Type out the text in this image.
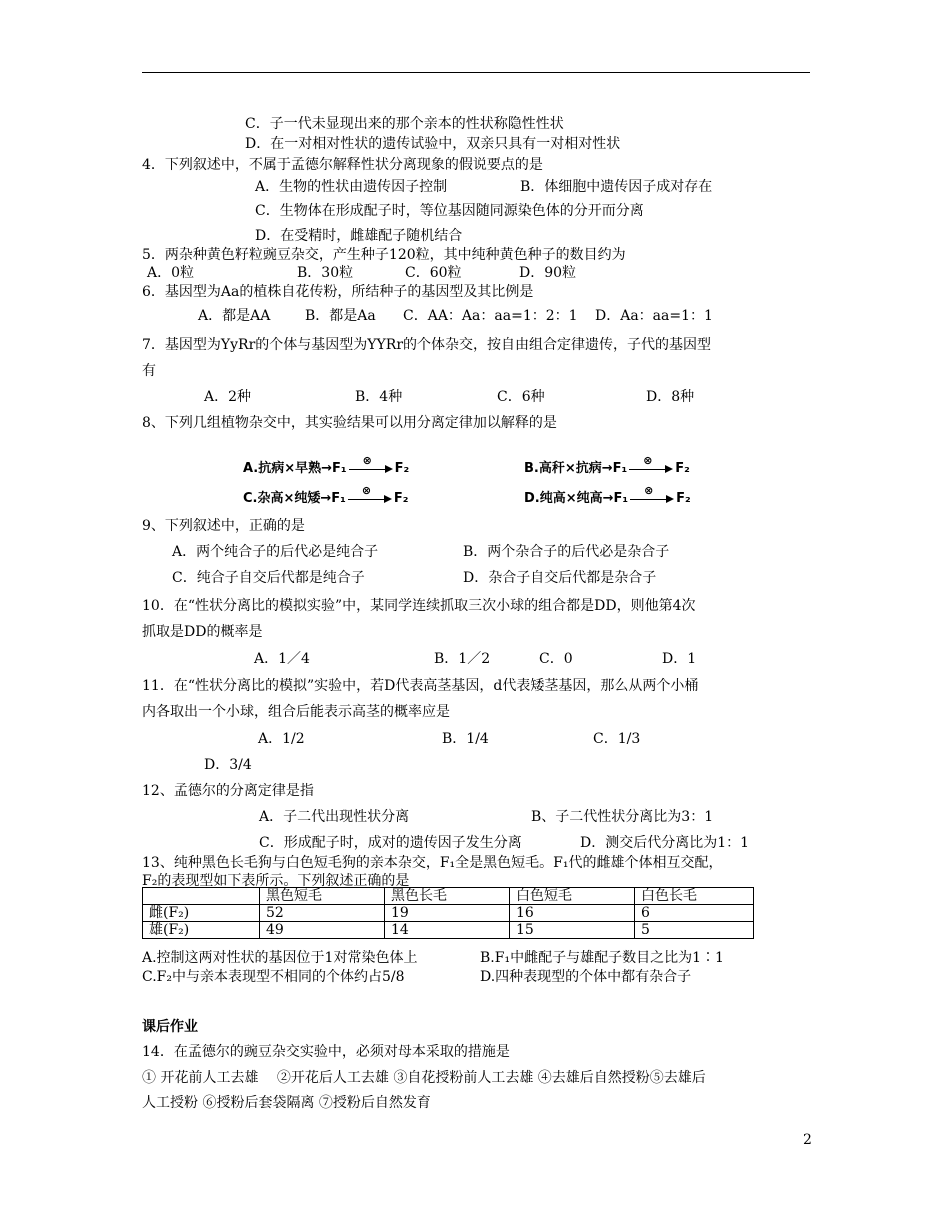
C．子一代未显现出来的那个亲本的性状称隐性性状
D．在一对相对性状的遗传试验中，双亲只具有一对相对性状
4．下列叙述中，不属于孟德尔解释性状分离现象的假说要点的是
A．生物的性状由遗传因子控制	B．体细胞中遗传因子成对存在
C．生物体在形成配子时，等位基因随同源染色体的分开而分离
D．在受精时，雌雄配子随机结合
5．两杂种黄色籽粒豌豆杂交，产生种子120粒，其中纯种黄色种子的数目约为
A．0粒	B．30粒	C．60粒	D．90粒
6．基因型为Aa的植株自花传粉，所结种子的基因型及其比例是
A．都是AA B．都是Aa C．AA：Aa：aa=1：2：1 D．Aa：aa=1：1
7．基因型为YyRr的个体与基因型为YYRr的个体杂交，按自由组合定律遗传，子代的基因型
有
A．2种	B．4种	C．6种	D．8种
8、下列几组植物杂交中，其实验结果可以用分离定律加以解释的是
A.抗病×早熟→F₁
⊗
F₂	B.高秆×抗病→F₁
⊗
F₂
C.杂高×纯矮→F₁
⊗
F₂	D.纯高×纯高→F₁
⊗
F₂
9、下列叙述中，正确的是
A．两个纯合子的后代必是纯合子	B．两个杂合子的后代必是杂合子
C．纯合子自交后代都是纯合子	D．杂合子自交后代都是杂合子
10．在“性状分离比的模拟实验”中，某同学连续抓取三次小球的组合都是DD，则他第4次
抓取是DD的概率是
A．1／4	B．1／2	C．0	D．1
11．在“性状分离比的模拟”实验中，若D代表高茎基因，d代表矮茎基因，那么从两个小桶
内各取出一个小球，组合后能表示高茎的概率应是
A．1/2	B．1/4	C．1/3
D．3/4
12、孟德尔的分离定律是指
A．子二代出现性状分离	B、子二代性状分离比为3：1
C．形成配子时，成对的遗传因子发生分离	D．测交后代分离比为1：1
13、纯种黑色长毛狗与白色短毛狗的亲本杂交，F₁全是黑色短毛。F₁代的雌雄个体相互交配，
F₂的表现型如下表所示。下列叙述正确的是
	黑色短毛	黑色长毛	白色短毛	白色长毛
雌(F₂)	52	19	16	6
雄(F₂)	49	14	15	5
A.控制这两对性状的基因位于1对常染色体上	B.F₁中雌配子与雄配子数目之比为1∶1
C.F₂中与亲本表现型不相同的个体约占5/8	D.四种表现型的个体中都有杂合子
课后作业
14．在孟德尔的豌豆杂交实验中，必须对母本采取的措施是
① 开花前人工去雄　 ②开花后人工去雄 ③自花授粉前人工去雄 ④去雄后自然授粉⑤去雄后
人工授粉 ⑥授粉后套袋隔离 ⑦授粉后自然发育
2
